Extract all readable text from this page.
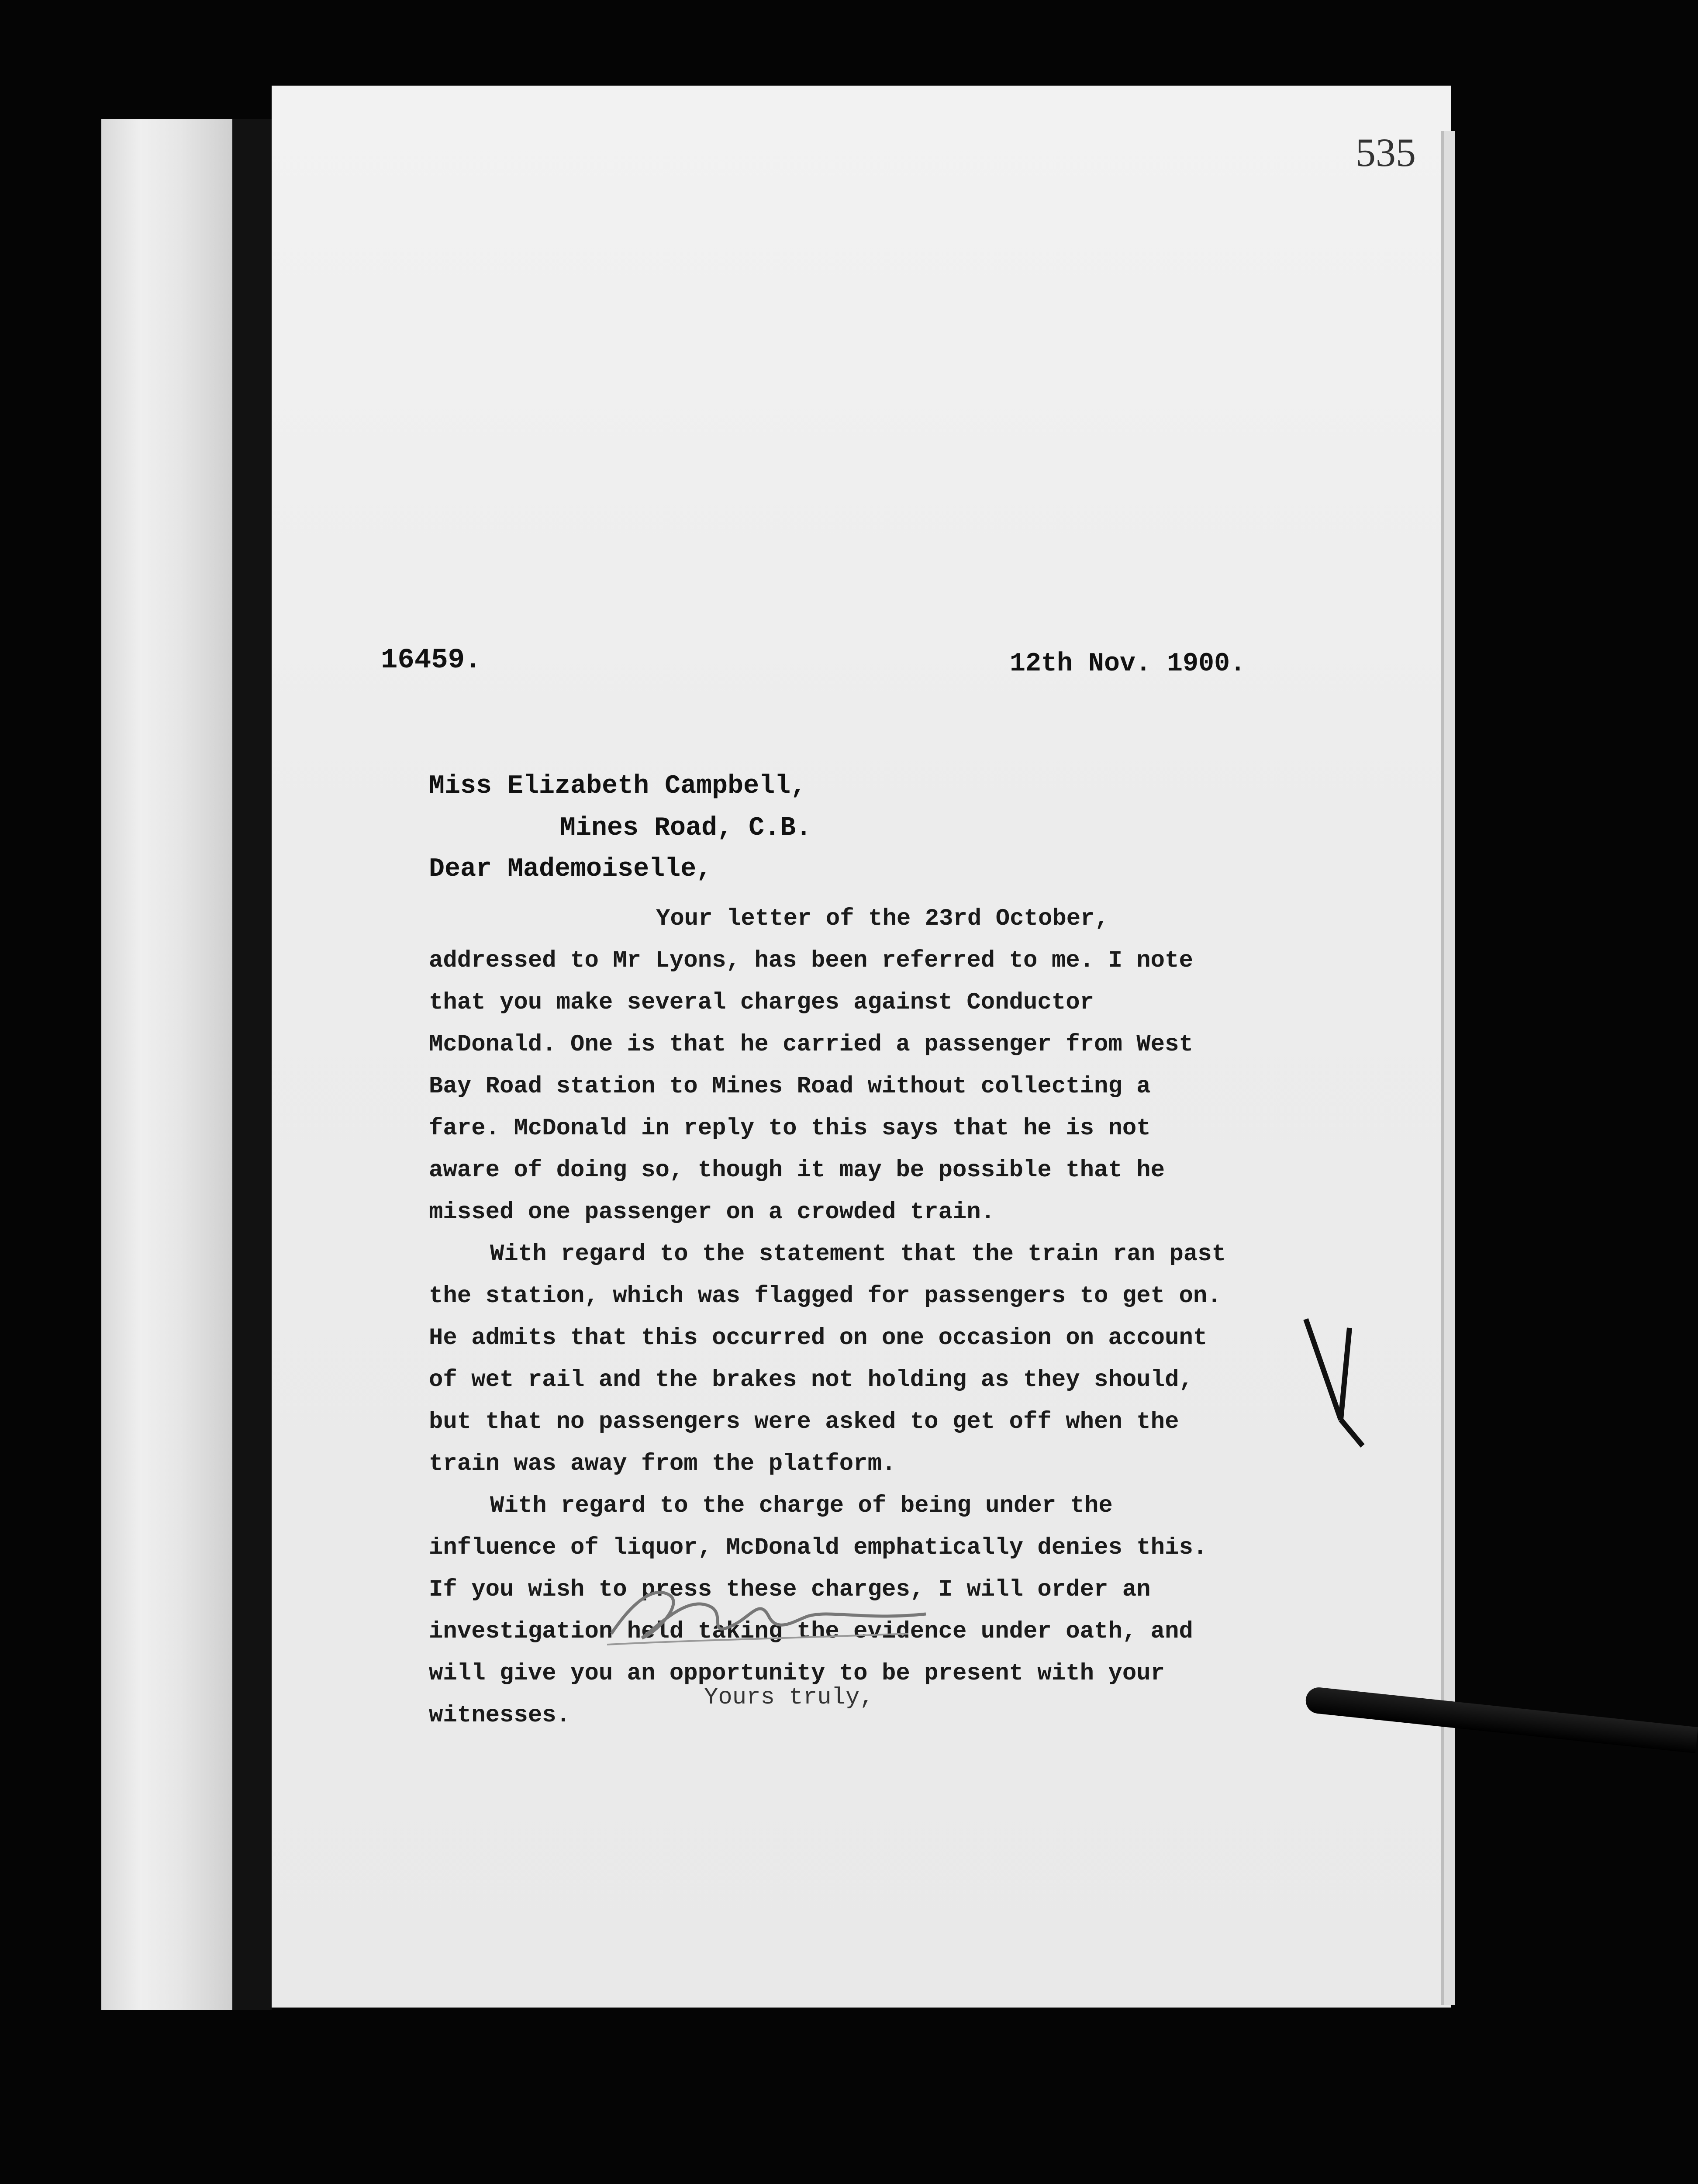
535
16459.	12th Nov. 1900.
Miss Elizabeth Campbell,
Mines Road, C.B.
Dear Mademoiselle,

Your letter of the 23rd October, addressed to Mr Lyons, has been referred to me. I note that you make several charges against Conductor McDonald. One is that he carried a passenger from West Bay Road station to Mines Road without collecting a fare. McDonald in reply to this says that he is not aware of doing so, though it may be possible that he missed one passenger on a crowded train.

With regard to the statement that the train ran past the station, which was flagged for passengers to get on. He admits that this occurred on one occasion on account of wet rail and the brakes not holding as they should, but that no passengers were asked to get off when the train was away from the platform.

With regard to the charge of being under the influence of liquor, McDonald emphatically denies this. If you wish to press these charges, I will order an investigation held taking the evidence under oath, and will give you an opportunity to be present with your witnesses.

Yours truly,
